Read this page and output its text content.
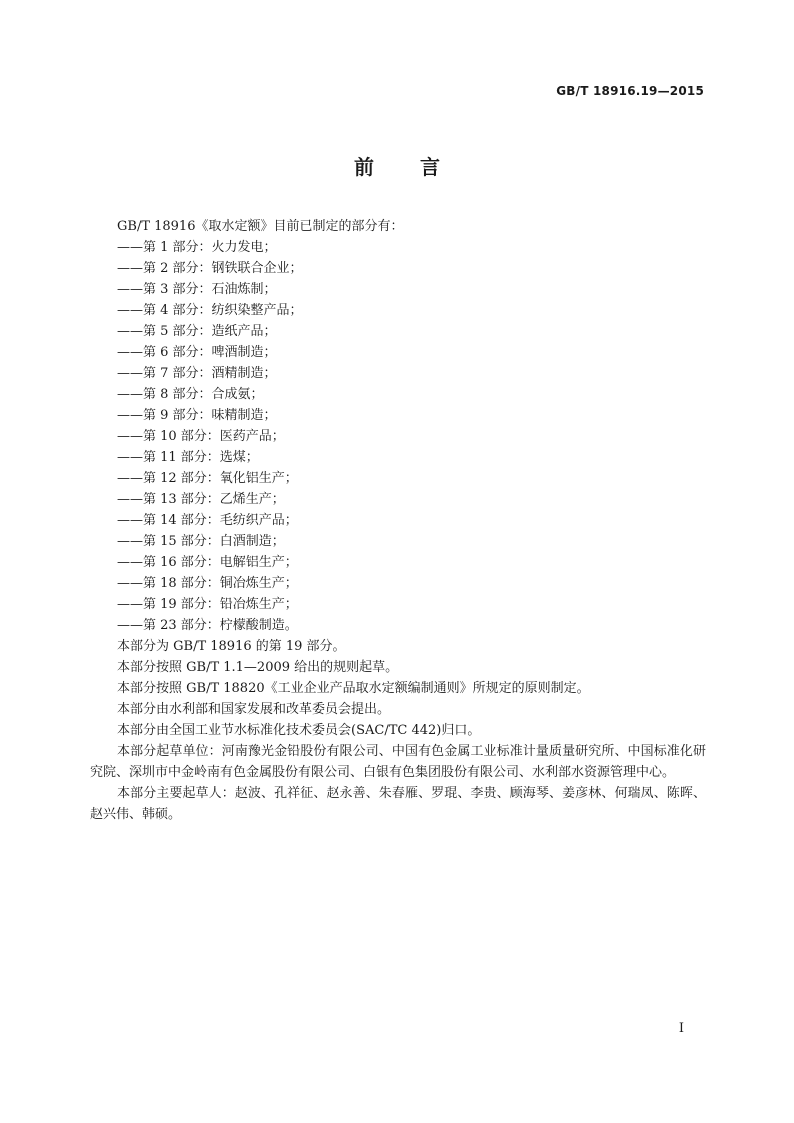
GB/T 18916.19—2015
前言
GB/T 18916《取水定额》目前已制定的部分有：
——第 1 部分：火力发电；
——第 2 部分：钢铁联合企业；
——第 3 部分：石油炼制；
——第 4 部分：纺织染整产品；
——第 5 部分：造纸产品；
——第 6 部分：啤酒制造；
——第 7 部分：酒精制造；
——第 8 部分：合成氨；
——第 9 部分：味精制造；
——第 10 部分：医药产品；
——第 11 部分：选煤；
——第 12 部分：氧化铝生产；
——第 13 部分：乙烯生产；
——第 14 部分：毛纺织产品；
——第 15 部分：白酒制造；
——第 16 部分：电解铝生产；
——第 18 部分：铜冶炼生产；
——第 19 部分：铅冶炼生产；
——第 23 部分：柠檬酸制造。
本部分为 GB/T 18916 的第 19 部分。
本部分按照 GB/T 1.1—2009 给出的规则起草。
本部分按照 GB/T 18820《工业企业产品取水定额编制通则》所规定的原则制定。
本部分由水利部和国家发展和改革委员会提出。
本部分由全国工业节水标准化技术委员会(SAC/TC 442)归口。
本部分起草单位：河南豫光金铅股份有限公司、中国有色金属工业标准计量质量研究所、中国标准化研究院、深圳市中金岭南有色金属股份有限公司、白银有色集团股份有限公司、水利部水资源管理中心。
本部分主要起草人：赵波、孔祥征、赵永善、朱春雁、罗琨、李贵、顾海琴、姜彦林、何瑞凤、陈晖、赵兴伟、韩硕。
I
